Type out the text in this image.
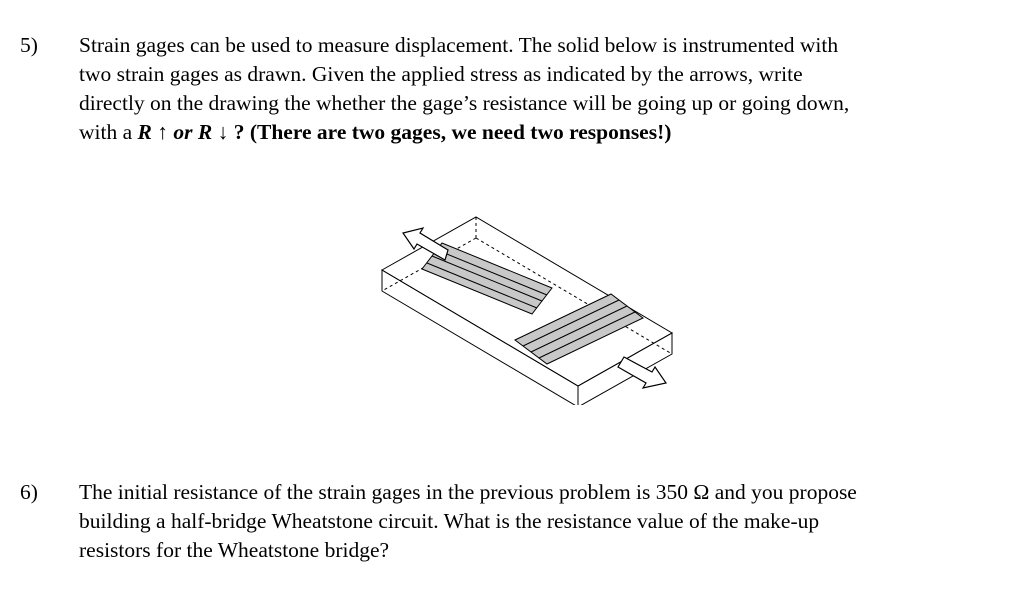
5) Strain gages can be used to measure displacement. The solid below is instrumented with
two strain gages as drawn. Given the applied stress as indicated by the arrows, write
directly on the drawing the whether the gage’s resistance will be going up or going down,
with a R ↑ or R ↓ ? (There are two gages, we need two responses!)
6) The initial resistance of the strain gages in the previous problem is 350 Ω and you propose
building a half-bridge Wheatstone circuit. What is the resistance value of the make-up
resistors for the Wheatstone bridge?
